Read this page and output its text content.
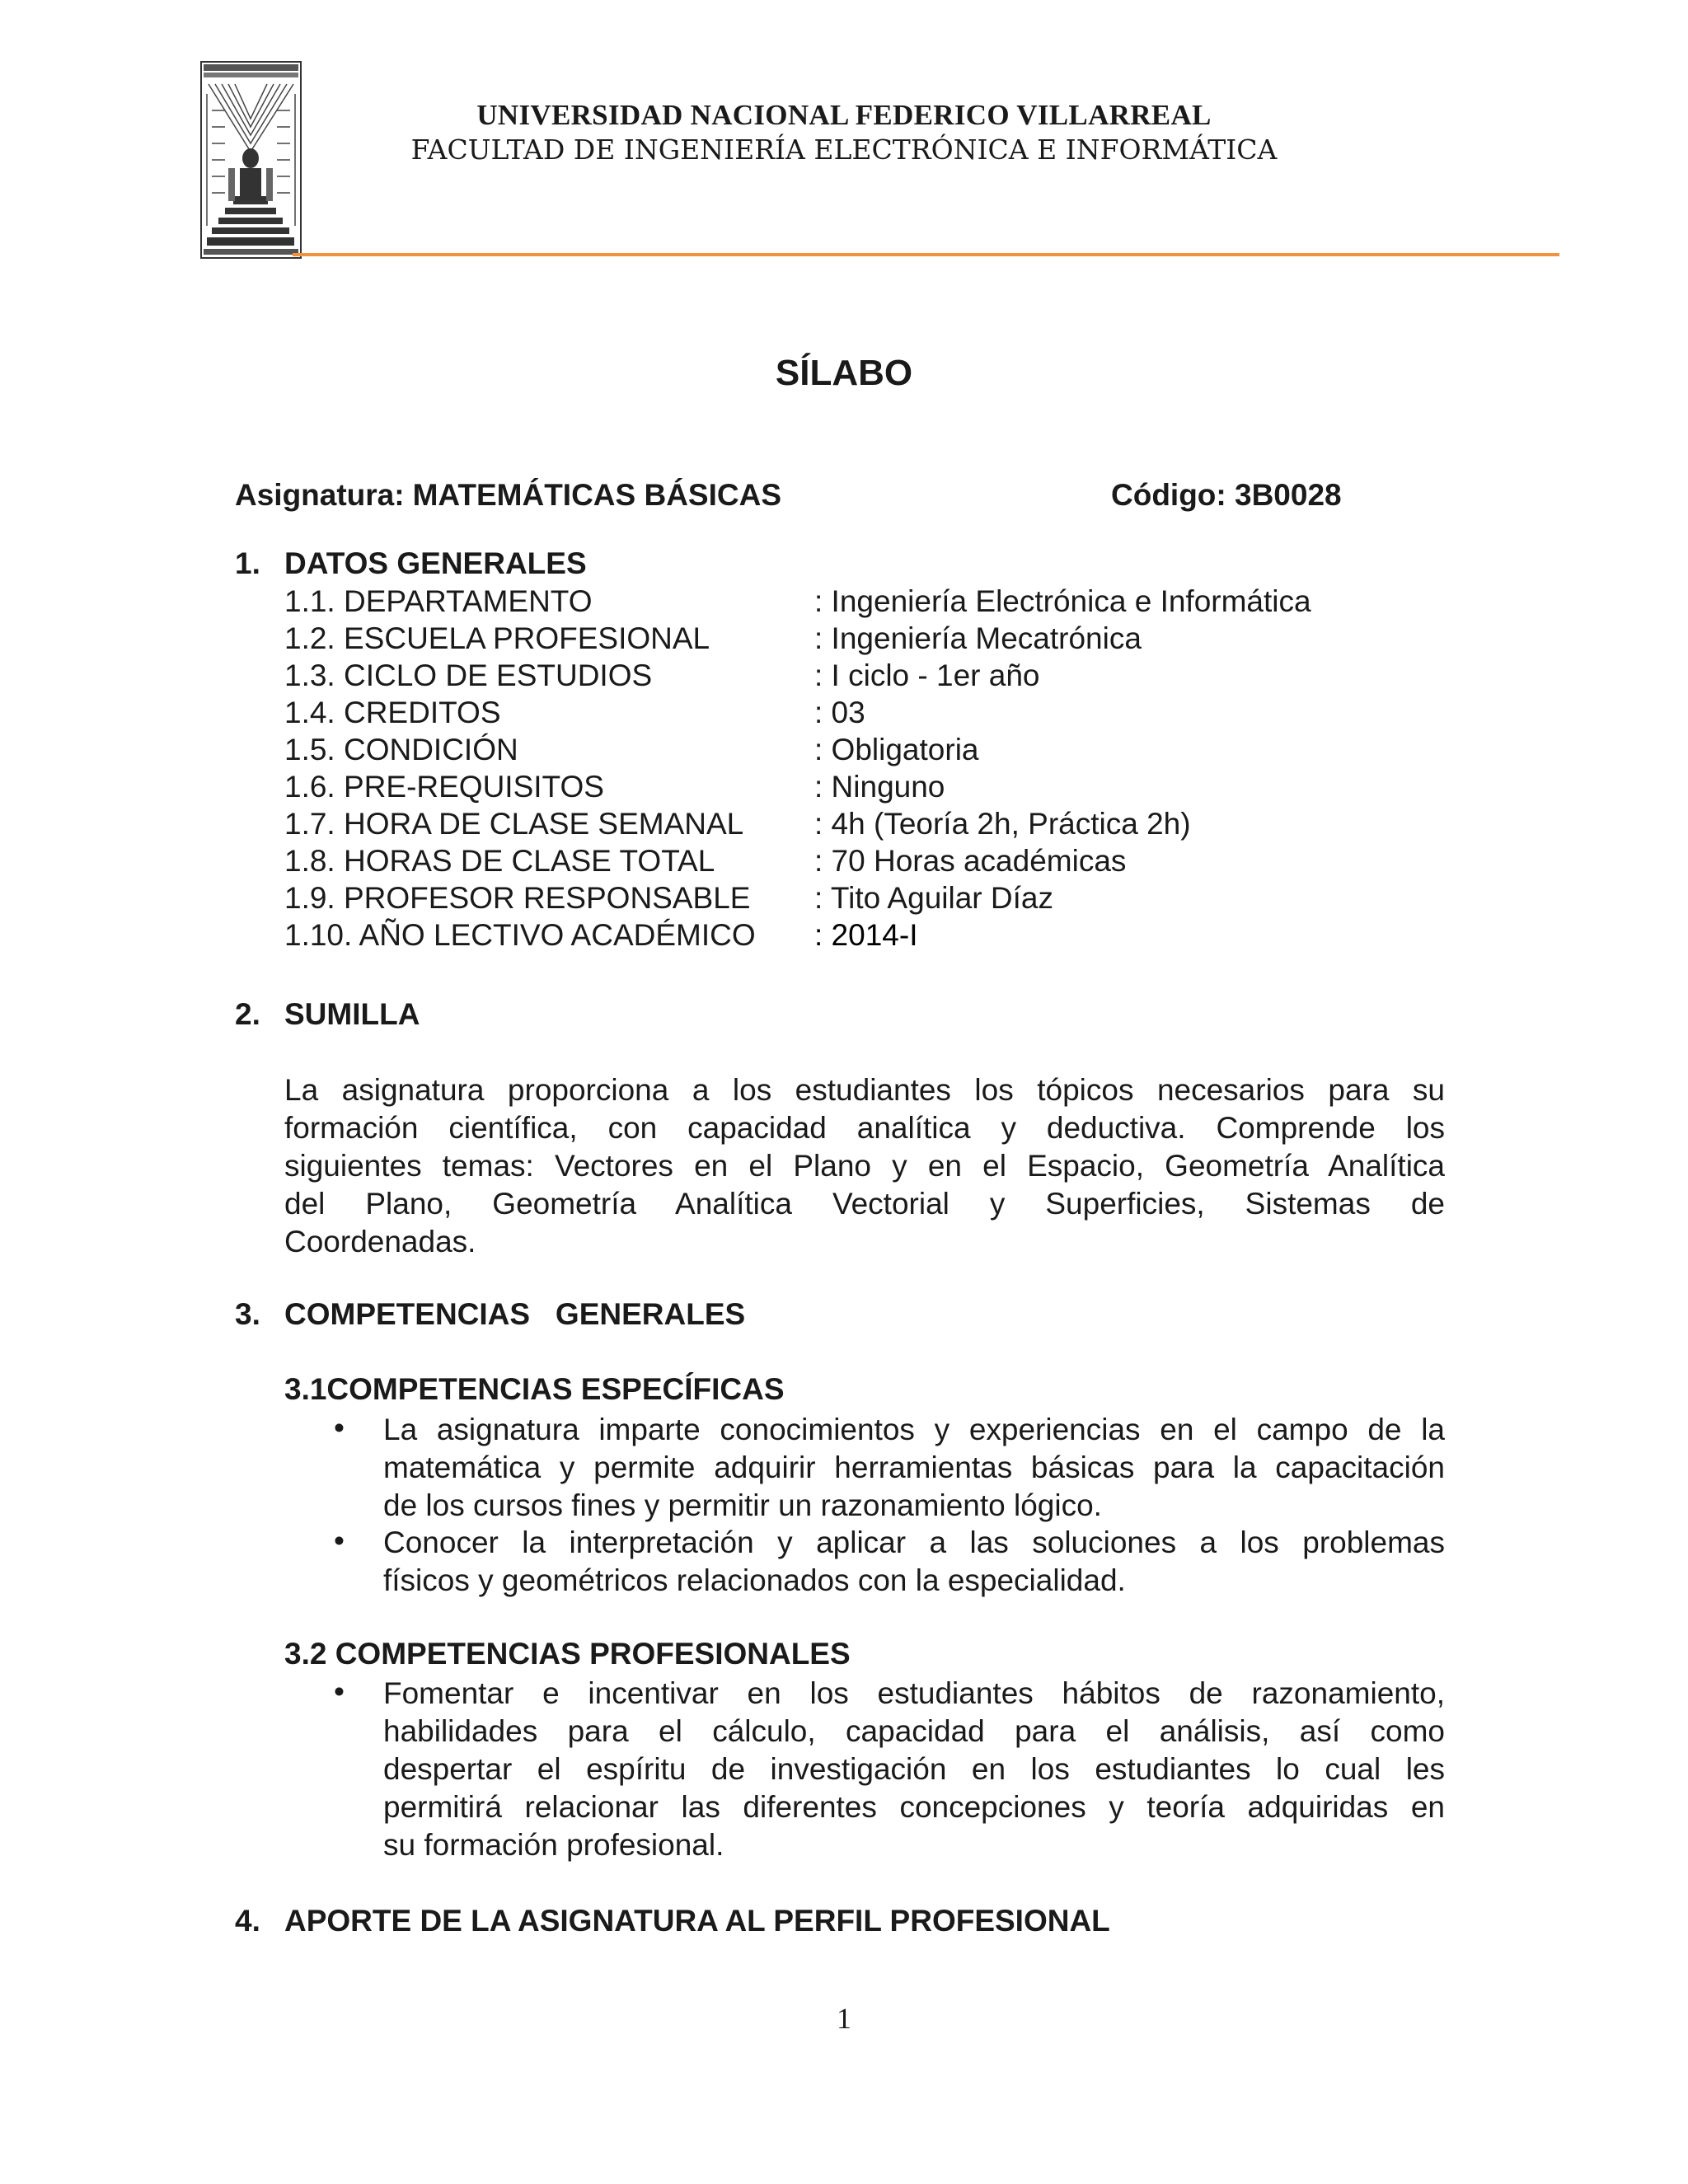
UNIVERSIDAD NACIONAL FEDERICO VILLARREAL
FACULTAD DE INGENIERÍA ELECTRÓNICA E INFORMÁTICA
SÍLABO
Asignatura: MATEMÁTICAS BÁSICAS	Código: 3B0028
1. DATOS GENERALES
1.1. DEPARTAMENTO	: Ingeniería Electrónica e Informática
1.2. ESCUELA PROFESIONAL	: Ingeniería Mecatrónica
1.3. CICLO DE ESTUDIOS	: I ciclo - 1er año
1.4. CREDITOS	: 03
1.5. CONDICIÓN	: Obligatoria
1.6. PRE-REQUISITOS	: Ninguno
1.7. HORA DE CLASE SEMANAL : 4h (Teoría 2h, Práctica 2h)
1.8. HORAS DE CLASE TOTAL	: 70 Horas académicas
1.9. PROFESOR RESPONSABLE : Tito Aguilar Díaz
1.10. AÑO LECTIVO ACADÉMICO : 2014-I
2. SUMILLA
La asignatura proporciona a los estudiantes los tópicos necesarios para su
formación científica, con capacidad analítica y deductiva. Comprende los
siguientes temas: Vectores en el Plano y en el Espacio, Geometría Analítica
del Plano, Geometría Analítica Vectorial y Superficies, Sistemas de
Coordenadas.
3. COMPETENCIAS   GENERALES
3.1COMPETENCIAS ESPECÍFICAS
• La asignatura imparte conocimientos y experiencias en el campo de la
matemática y permite adquirir herramientas básicas para la capacitación
de los cursos fines y permitir un razonamiento lógico.
• Conocer la interpretación y aplicar a las soluciones a los problemas
físicos y geométricos relacionados con la especialidad.
3.2 COMPETENCIAS PROFESIONALES
• Fomentar e incentivar en los estudiantes hábitos de razonamiento,
habilidades para el cálculo, capacidad para el análisis, así como
despertar el espíritu de investigación en los estudiantes lo cual les
permitirá relacionar las diferentes concepciones y teoría adquiridas en
su formación profesional.
4. APORTE DE LA ASIGNATURA AL PERFIL PROFESIONAL
1
